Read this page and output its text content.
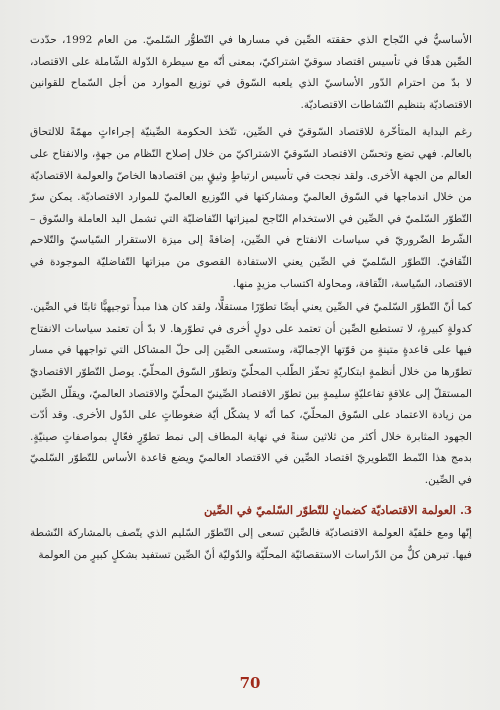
الأساسيُّ في النّجاح الذي حققته الصِّين في مسارها في التّطوُّر السّلميّ. من العام 1992، حدّدت الصِّين هدفًا في تأسيس اقتصاد سوقيّ اشتراكيّ، بمعنى أنّه مع سيطرة الدّولة الشّاملة على الاقتصاد، لا بدّ من احترام الدّور الأساسيّ الذي يلعبه السّوق في توزيع الموارد من أجل السّماح للقوانين الاقتصاديّة بتنظيم النّشاطات الاقتصاديّة.

رغم البداية المتأخّرة للاقتصاد السّوقيّ في الصِّين، تتّخذ الحكومة الصِّينيّة إجراءاتٍ مهمّةً للالتحاق بالعالم. فهي تضع وتحسّن الاقتصاد السّوقيّ الاشتراكيّ من خلال إصلاح النّظام من جهةٍ، والانفتاح على العالم من الجهة الأخرى. ولقد نجحت في تأسيس ارتباطٍ وثيقٍ بين اقتصادها الخاصّ والعولمة الاقتصاديّة من خلال اندماجها في السّوق العالميّ ومشاركتها في التّوزيع العالميّ للموارد الاقتصاديّة. يمكن سرّ التّطوّر السّلميّ في الصِّين في الاستخدام النّاجح لميزاتها التّفاضليّة التي تشمل اليد العاملة والسّوق – الشّرط الضّروريّ في سياسات الانفتاح في الصِّين، إضافةً إلى ميزة الاستقرار السّياسيّ والتّلاحم الثّقافيّ. التّطوّر السّلميّ في الصِّين يعني الاستفادة القصوى من ميزاتها التّفاضليّة الموجودة في الاقتصاد، السّياسة، الثّقافة، ومحاولة اكتساب مزيدٍ منها.

كما أنّ التّطوّر السّلميّ في الصِّين يعني أيضًا تطوّرًا مستقلًّا، ولقد كان هذا مبدأً توجيهيًّا ثابتًا في الصِّين. كدولةٍ كبيرةٍ، لا تستطيع الصِّين أن تعتمد على دولٍ أخرى في تطوّرها. لا بدّ أن تعتمد سياسات الانفتاح فيها على قاعدةٍ متينةٍ من قوّتها الإجماليّة، وستسعى الصِّين إلى حلّ المشاكل التي تواجهها في مسار تطوّرها من خلال أنظمةٍ ابتكاريّةٍ تحفّز الطّلب المحلّيّ وتطوّر السّوق المحلّيّ. يوصل التّطوّر الاقتصاديّ المستقلّ إلى علاقةٍ تفاعليّةٍ سليمةٍ بين تطوّر الاقتصاد الصِّينيّ المحلّيّ والاقتصاد العالميّ، ويقلّل الصِّين من زيادة الاعتماد على السّوق المحلّيّ، كما أنّه لا يشكّل أيّة ضغوطاتٍ على الدّول الأخرى. وقد أدّت الجهود المثابرة خلال أكثر من ثلاثين سنةً في نهاية المطاف إلى نمط تطوّرٍ فعّالٍ بمواصفاتٍ صينيّةٍ. بدمج هذا النّمط التّطويريّ اقتصاد الصِّين في الاقتصاد العالميّ ويضع قاعدة الأساس للتّطوّر السّلميّ في الصِّين.

3. العولمة الاقتصاديّة كضمانٍ للتّطوّر السّلميّ في الصِّين

إنّها ومع خلفيّة العولمة الاقتصاديّة فالصِّين تسعى إلى التّطوّر السّليم الذي يتّصف بالمشاركة النّشطة فيها. تبرهن كلٌّ من الدّراسات الاستقصائيّة المحلّيّة والدّوليّة أنّ الصِّين تستفيد بشكلٍ كبيرٍ من العولمة

70
